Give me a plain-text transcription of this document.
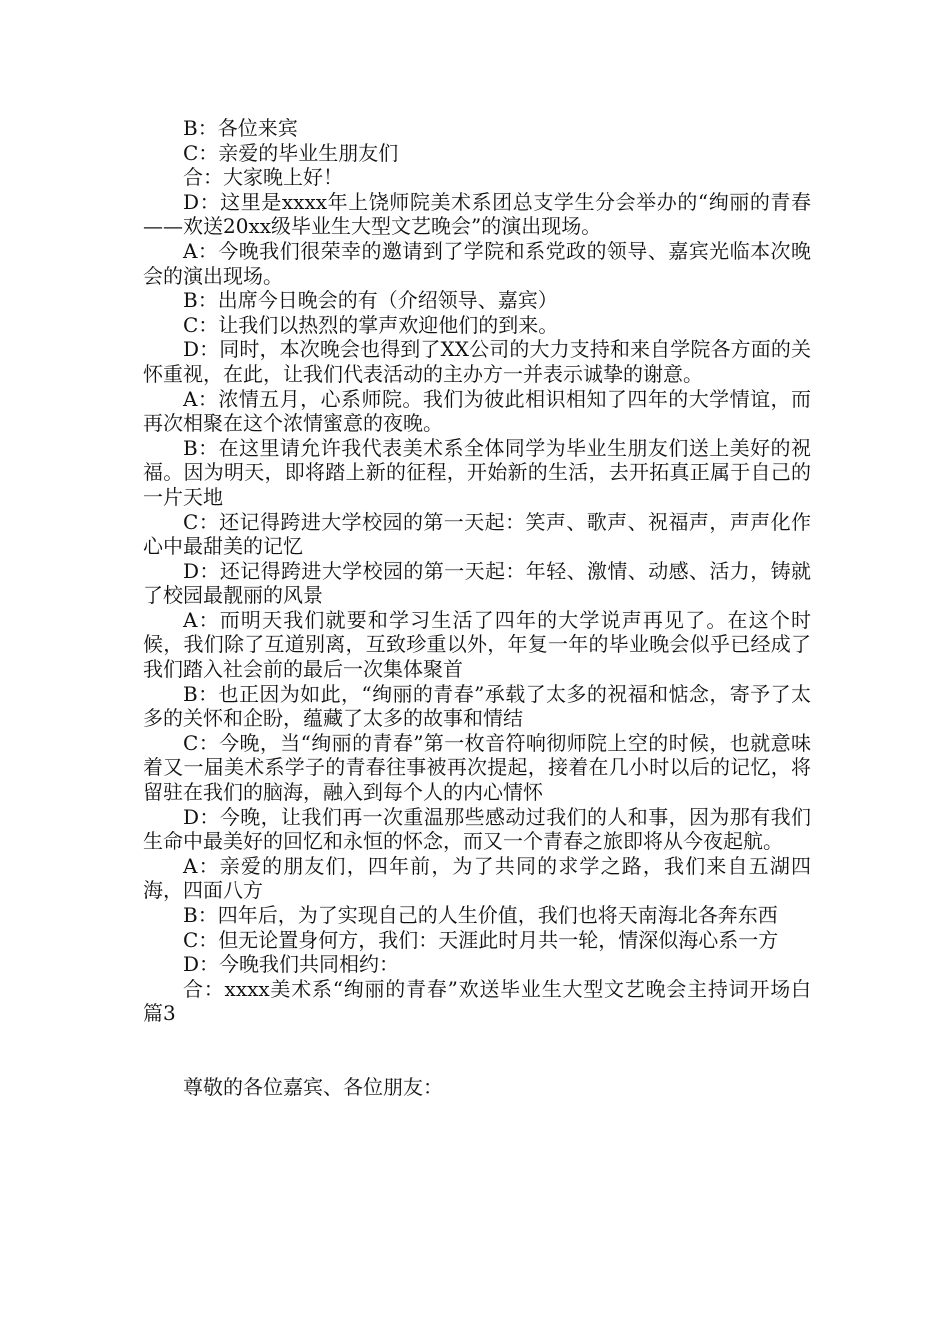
B：各位来宾

C：亲爱的毕业生朋友们

合：大家晚上好！

D：这里是xxxx年上饶师院美术系团总支学生分会举办的“绚丽的青春——欢送20xx级毕业生大型文艺晚会”的演出现场。

A：今晚我们很荣幸的邀请到了学院和系党政的领导、嘉宾光临本次晚会的演出现场。

B：出席今日晚会的有（介绍领导、嘉宾）

C：让我们以热烈的掌声欢迎他们的到来。

D：同时，本次晚会也得到了XX公司的大力支持和来自学院各方面的关怀重视，在此，让我们代表活动的主办方一并表示诚挚的谢意。

A：浓情五月，心系师院。我们为彼此相识相知了四年的大学情谊，而再次相聚在这个浓情蜜意的夜晚。

B：在这里请允许我代表美术系全体同学为毕业生朋友们送上美好的祝福。因为明天，即将踏上新的征程，开始新的生活，去开拓真正属于自己的一片天地

C：还记得跨进大学校园的第一天起：笑声、歌声、祝福声，声声化作心中最甜美的记忆

D：还记得跨进大学校园的第一天起：年轻、激情、动感、活力，铸就了校园最靓丽的风景

A：而明天我们就要和学习生活了四年的大学说声再见了。在这个时候，我们除了互道别离，互致珍重以外，年复一年的毕业晚会似乎已经成了我们踏入社会前的最后一次集体聚首

B：也正因为如此，“绚丽的青春”承载了太多的祝福和惦念，寄予了太多的关怀和企盼，蕴藏了太多的故事和情结

C：今晚，当“绚丽的青春”第一枚音符响彻师院上空的时候，也就意味着又一届美术系学子的青春往事被再次提起，接着在几小时以后的记忆，将留驻在我们的脑海，融入到每个人的内心情怀

D：今晚，让我们再一次重温那些感动过我们的人和事，因为那有我们生命中最美好的回忆和永恒的怀念，而又一个青春之旅即将从今夜起航。

A：亲爱的朋友们，四年前，为了共同的求学之路，我们来自五湖四海，四面八方

B：四年后，为了实现自己的人生价值，我们也将天南海北各奔东西

C：但无论置身何方，我们：天涯此时月共一轮，情深似海心系一方

D：今晚我们共同相约：

合：xxxx美术系“绚丽的青春”欢送毕业生大型文艺晚会主持词开场白 篇3

尊敬的各位嘉宾、各位朋友：
